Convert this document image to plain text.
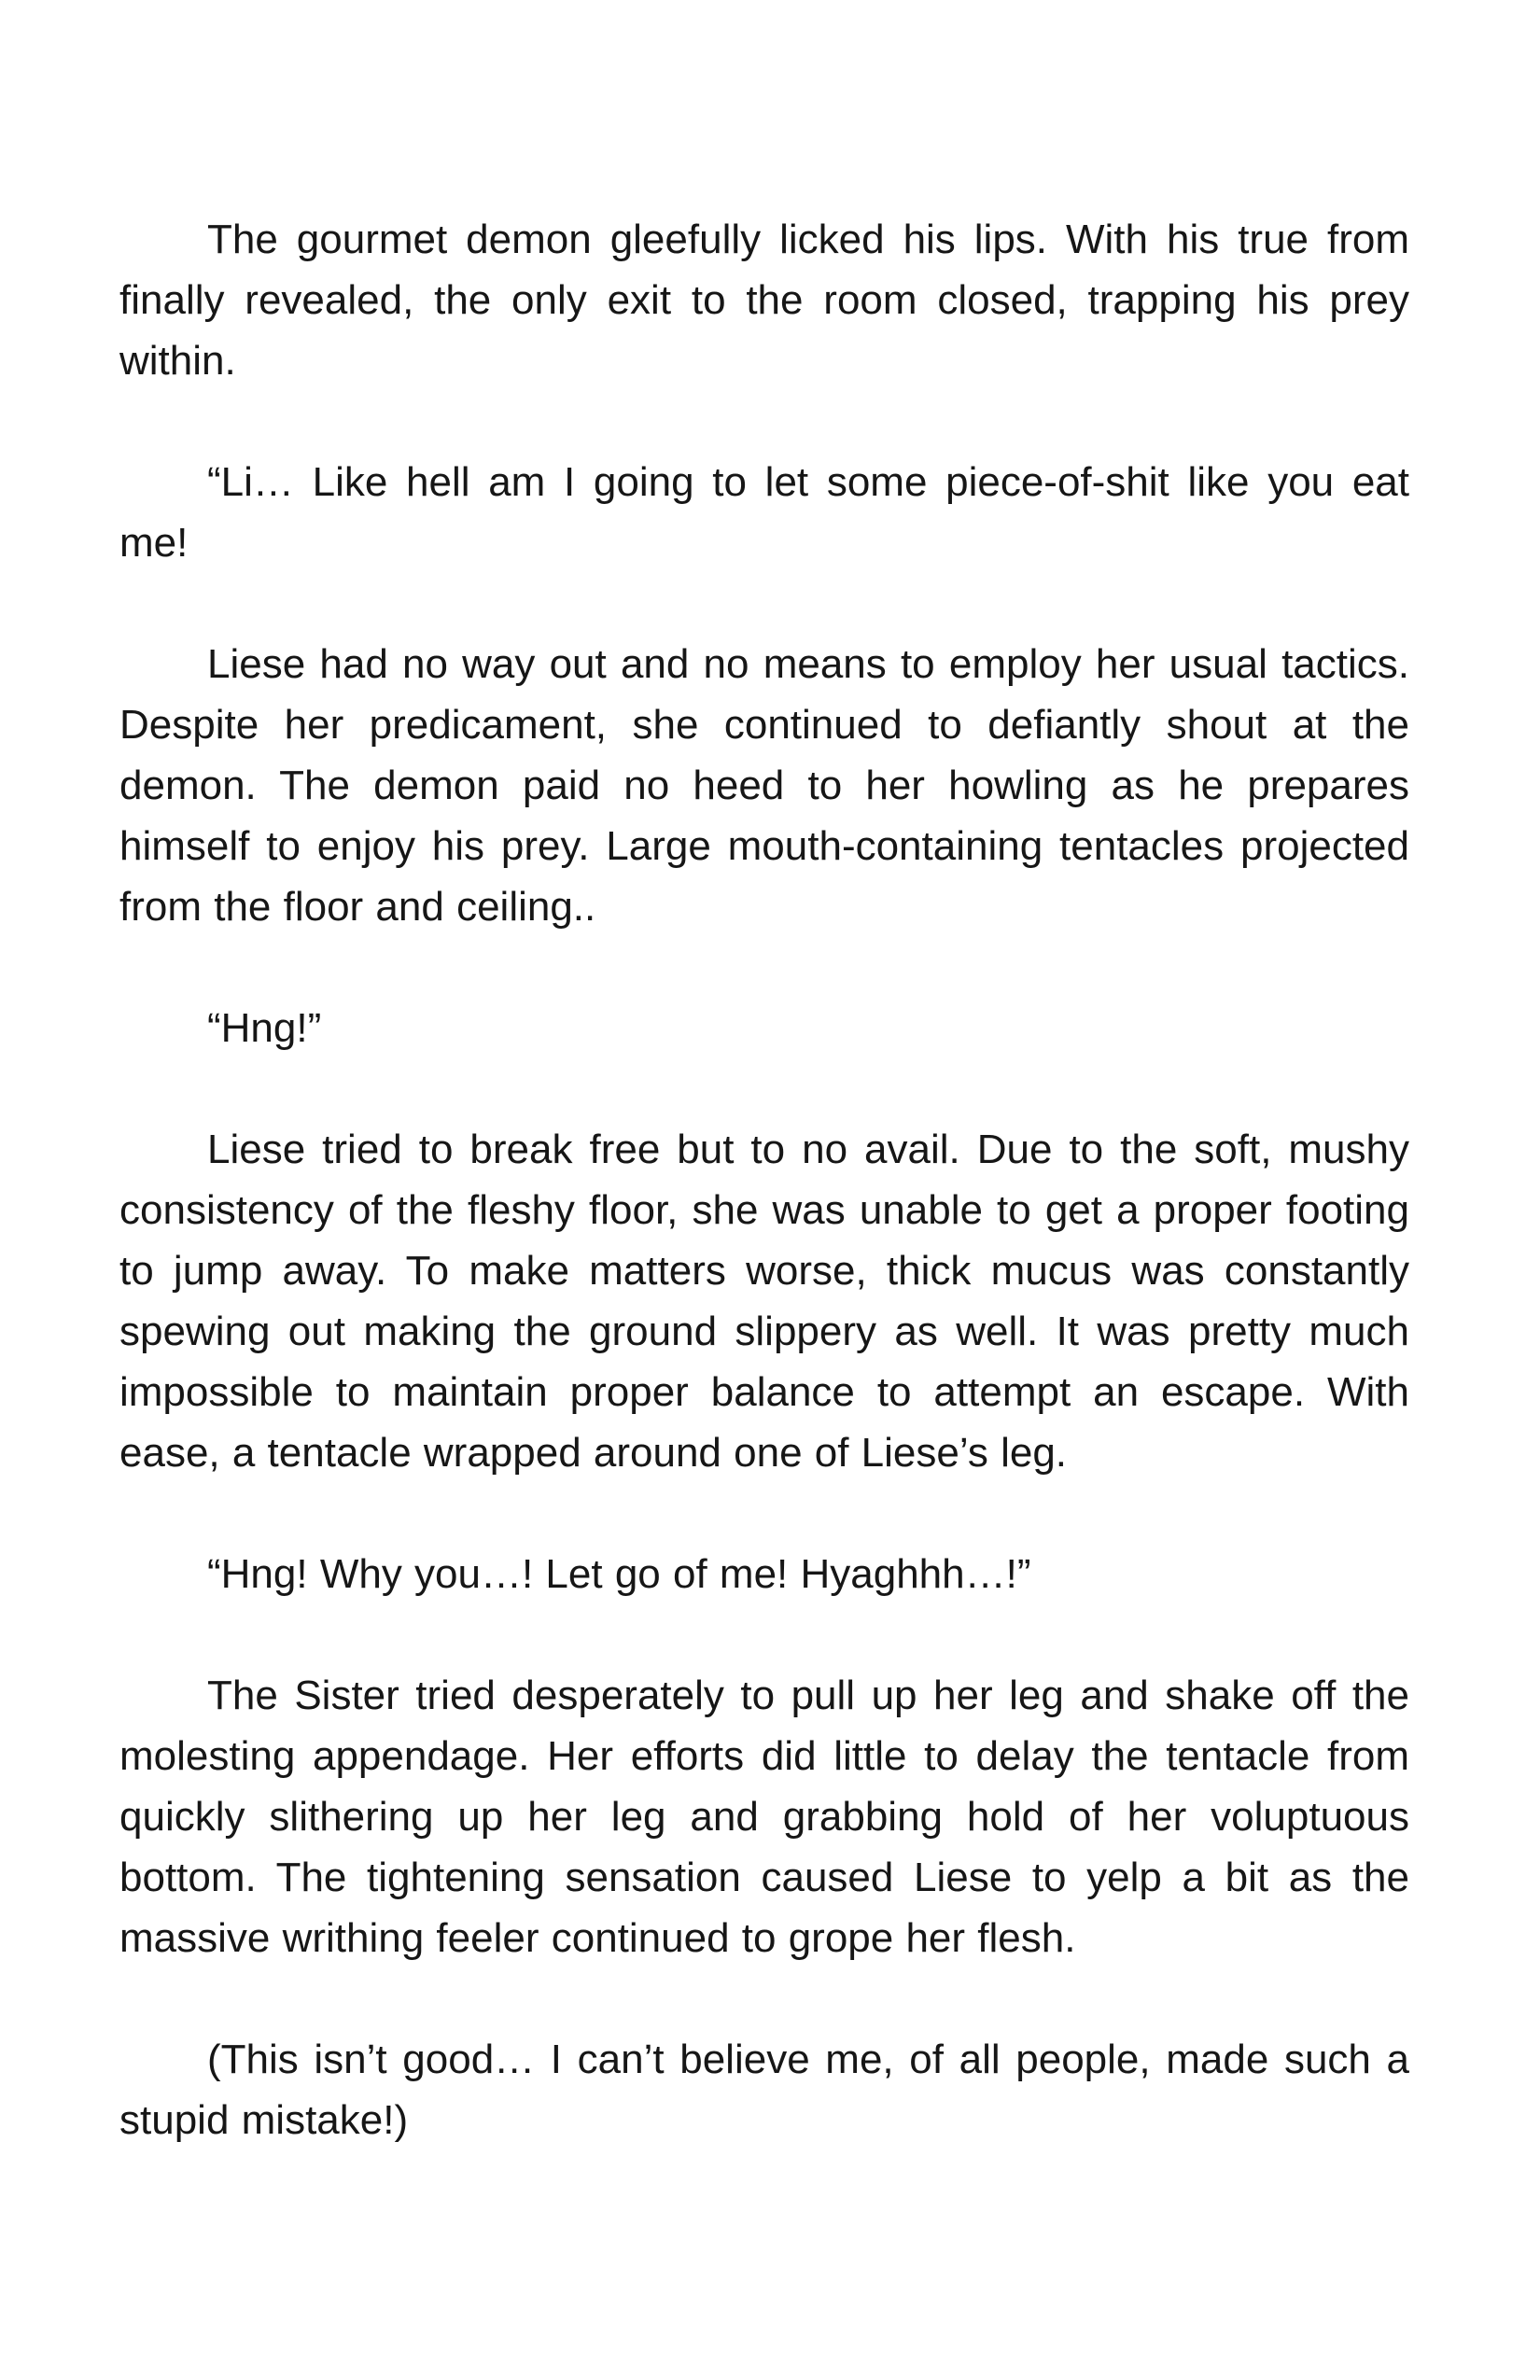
The gourmet demon gleefully licked his lips. With his true from finally revealed, the only exit to the room closed, trapping his prey within.

“Li… Like hell am I going to let some piece-of-shit like you eat me!

Liese had no way out and no means to employ her usual tactics. Despite her predicament, she continued to defiantly shout at the demon. The demon paid no heed to her howling as he prepares himself to enjoy his prey. Large mouth-containing tentacles projected from the floor and ceiling..

“Hng!”

Liese tried to break free but to no avail. Due to the soft, mushy consistency of the fleshy floor, she was unable to get a proper footing to jump away. To make matters worse, thick mucus was constantly spewing out making the ground slippery as well. It was pretty much impossible to maintain proper balance to attempt an escape. With ease, a tentacle wrapped around one of Liese’s leg.

“Hng! Why you…! Let go of me! Hyaghhh…!”

The Sister tried desperately to pull up her leg and shake off the molesting appendage. Her efforts did little to delay the tentacle from quickly slithering up her leg and grabbing hold of her voluptuous bottom. The tightening sensation caused Liese to yelp a bit as the massive writhing feeler continued to grope her flesh.

(This isn’t good… I can’t believe me, of all people, made such a stupid mistake!)
